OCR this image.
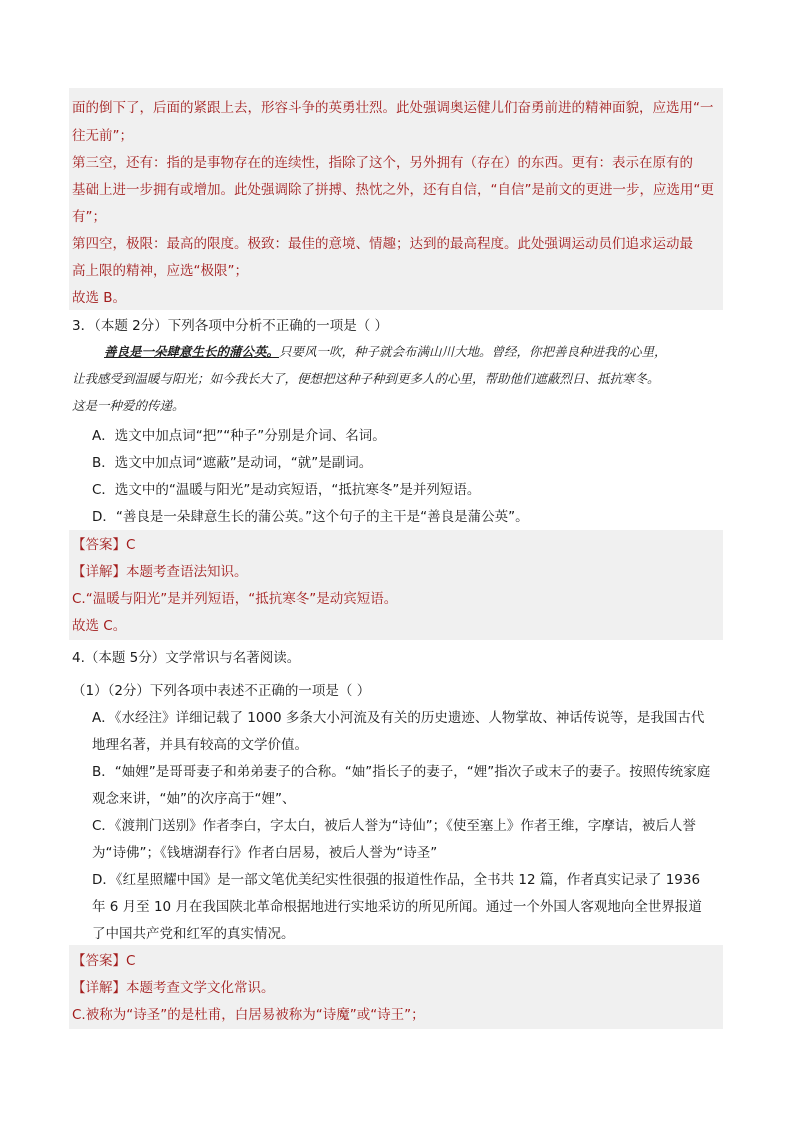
面的倒下了，后面的紧跟上去，形容斗争的英勇壮烈。此处强调奥运健儿们奋勇前进的精神面貌，应选用“一
往无前”；
第三空，还有：指的是事物存在的连续性，指除了这个，另外拥有（存在）的东西。更有：表示在原有的
基础上进一步拥有或增加。此处强调除了拼搏、热忱之外，还有自信，“自信”是前文的更进一步，应选用“更
有”；
第四空，极限：最高的限度。极致：最佳的意境、情趣；达到的最高程度。此处强调运动员们追求运动最
高上限的精神，应选“极限”；
故选 B。
3．（本题 2分）下列各项中分析不正确的一项是（ ）
善良是一朵肆意生长的蒲公英。只要风一吹，种子就会布满山川大地。曾经，你把善良种进我的心里，
让我感受到温暖与阳光；如今我长大了，便想把这种子种到更多人的心里，帮助他们遮蔽烈日、抵抗寒冬。
这是一种爱的传递。
A．选文中加点词“把”“种子”分别是介词、名词。
B．选文中加点词“遮蔽”是动词，“就”是副词。
C．选文中的“温暖与阳光”是动宾短语，“抵抗寒冬”是并列短语。
D．“善良是一朵肆意生长的蒲公英。”这个句子的主干是“善良是蒲公英”。
【答案】C
【详解】本题考查语法知识。
C.“温暖与阳光”是并列短语，“抵抗寒冬”是动宾短语。
故选 C。
4.（本题 5分）文学常识与名著阅读。
（1）（2分）下列各项中表述不正确的一项是（ ）
A．《水经注》详细记载了 1000 多条大小河流及有关的历史遗迹、人物掌故、神话传说等，是我国古代
地理名著，并具有较高的文学价值。
B．“妯娌”是哥哥妻子和弟弟妻子的合称。“妯”指长子的妻子，“娌”指次子或末子的妻子。按照传统家庭
观念来讲，“妯”的次序高于“娌”、
C．《渡荆门送别》作者李白，字太白，被后人誉为“诗仙”；《使至塞上》作者王维，字摩诘，被后人誉
为“诗佛”；《钱塘湖春行》作者白居易，被后人誉为“诗圣”
D．《红星照耀中国》是一部文笔优美纪实性很强的报道性作品，全书共 12 篇，作者真实记录了 1936
年 6 月至 10 月在我国陕北革命根据地进行实地采访的所见所闻。通过一个外国人客观地向全世界报道
了中国共产党和红军的真实情况。
【答案】C
【详解】本题考查文学文化常识。
C.被称为“诗圣”的是杜甫，白居易被称为“诗魔”或“诗王”；
